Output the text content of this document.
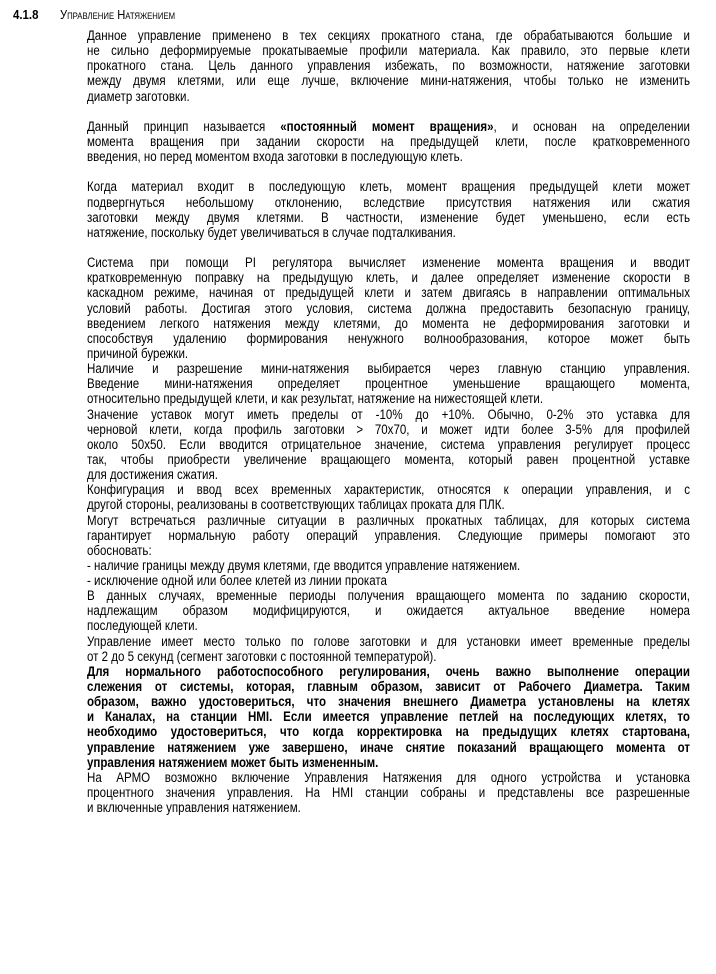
4.1.8 Управление Натяжением
Данное управление применено в тех секциях прокатного стана, где обрабатываются большие и
не сильно деформируемые прокатываемые профили материала. Как правило, это первые клети
прокатного стана. Цель данного управления избежать, по возможности, натяжение заготовки
между двумя клетями, или еще лучше, включение мини-натяжения, чтобы только не изменить
диаметр заготовки.
Данный принцип называется «постоянный момент вращения», и основан на определении
момента вращения при задании скорости на предыдущей клети, после кратковременного
введения, но перед моментом входа заготовки в последующую клеть.
Когда материал входит в последующую клеть, момент вращения предыдущей клети может
подвергнуться небольшому отклонению, вследствие присутствия натяжения или сжатия
заготовки между двумя клетями. В частности, изменение будет уменьшено, если есть
натяжение, поскольку будет увеличиваться в случае подталкивания.
Система при помощи PI регулятора вычисляет изменение момента вращения и вводит
кратковременную поправку на предыдущую клеть, и далее определяет изменение скорости в
каскадном режиме, начиная от предыдущей клети и затем двигаясь в направлении оптимальных
условий работы. Достигая этого условия, система должна предоставить безопасную границу,
введением легкого натяжения между клетями, до момента не деформирования заготовки и
способствуя удалению формирования ненужного волнообразования, которое может быть
причиной бурежки.
Наличие и разрешение мини-натяжения выбирается через главную станцию управления.
Введение мини-натяжения определяет процентное уменьшение вращающего момента,
относительно предыдущей клети, и как результат, натяжение на нижестоящей клети.
Значение уставок могут иметь пределы от -10% до +10%. Обычно, 0-2% это уставка для
черновой клети, когда профиль заготовки > 70x70, и может идти более 3-5% для профилей
около 50x50. Если вводится отрицательное значение, система управления регулирует процесс
так, чтобы приобрести увеличение вращающего момента, который равен процентной уставке
для достижения сжатия.
Конфигурация и ввод всех временных характеристик, относятся к операции управления, и с
другой стороны, реализованы в соответствующих таблицах проката для ПЛК.
Могут встречаться различные ситуации в различных прокатных таблицах, для которых система
гарантирует нормальную работу операций управления. Следующие примеры помогают это
обосновать:
- наличие границы между двумя клетями, где вводится управление натяжением.
- исключение одной или более клетей из линии проката
В данных случаях, временные периоды получения вращающего момента по заданию скорости,
надлежащим образом модифицируются, и ожидается актуальное введение номера
последующей клети.
Управление имеет место только по голове заготовки и для установки имеет временные пределы
от 2 до 5 секунд (сегмент заготовки с постоянной температурой).
Для нормального работоспособного регулирования, очень важно выполнение операции
слежения от системы, которая, главным образом, зависит от Рабочего Диаметра. Таким
образом, важно удостовериться, что значения внешнего Диаметра установлены на клетях
и Каналах, на станции HMI. Если имеется управление петлей на последующих клетях, то
необходимо удостовериться, что когда корректировка на предыдущих клетях стартована,
управление натяжением уже завершено, иначе снятие показаний вращающего момента от
управления натяжением может быть измененным.
На АРМО возможно включение Управления Натяжения для одного устройства и установка
процентного значения управления. На HMI станции собраны и представлены все разрешенные
и включенные управления натяжением.
